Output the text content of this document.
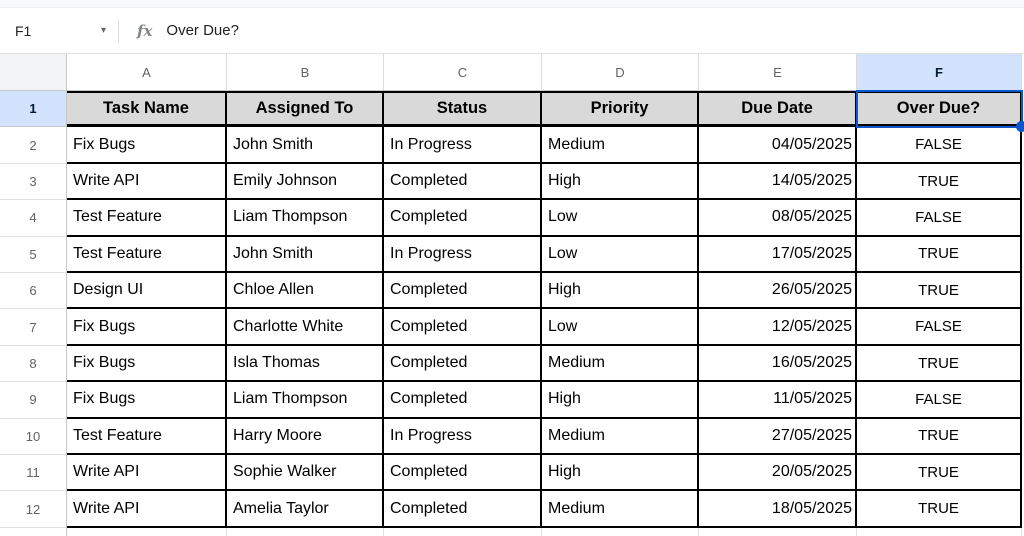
F1	▾ fx Over Due?
A	B	C	D	E	F
1	Task Name	Assigned To	Status	Priority	Due Date	Over Due?
2	Fix Bugs	John Smith	In Progress	Medium	04/05/2025	FALSE
3	Write API	Emily Johnson	Completed	High	14/05/2025	TRUE
4	Test Feature	Liam Thompson	Completed	Low	08/05/2025	FALSE
5	Test Feature	John Smith	In Progress	Low	17/05/2025	TRUE
6	Design UI	Chloe Allen	Completed	High	26/05/2025	TRUE
7	Fix Bugs	Charlotte White	Completed	Low	12/05/2025	FALSE
8	Fix Bugs	Isla Thomas	Completed	Medium	16/05/2025	TRUE
9	Fix Bugs	Liam Thompson	Completed	High	11/05/2025	FALSE
10	Test Feature	Harry Moore	In Progress	Medium	27/05/2025	TRUE
11	Write API	Sophie Walker	Completed	High	20/05/2025	TRUE
12	Write API	Amelia Taylor	Completed	Medium	18/05/2025	TRUE
